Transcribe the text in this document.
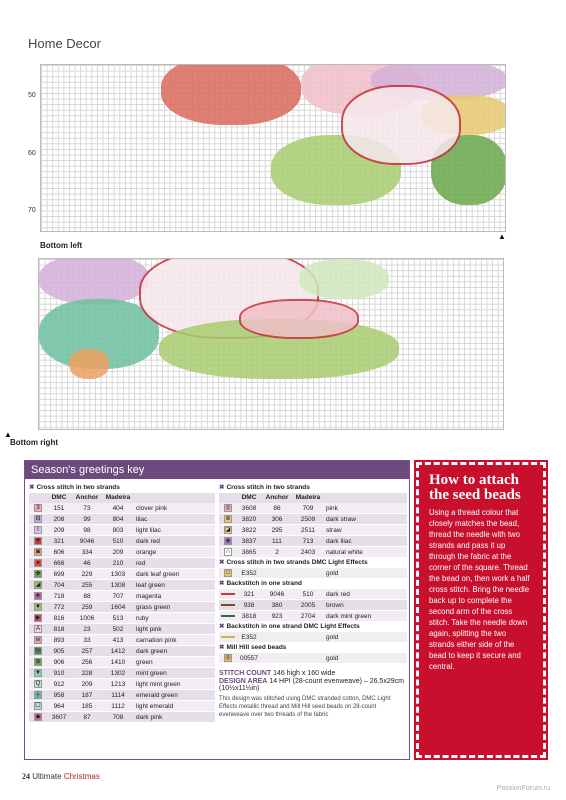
Home Decor
50
60
70
▲
Bottom left
▲
Bottom right
Season's greetings key
✖ Cross stitch in two strands
DMC	Anchor	Madeira
3	151	73	404	clover pink
⊟	208	99	804	lilac
I	209	98	803	light lilac
♥	321	9046	510	dark red
◙	606	334	209	orange
●	666	46	210	red
✤	699	229	1303	dark leaf green
◢	704	255	1308	leaf green
★	718	88	707	magenta
▼	772	259	1604	grass green
▶	816	1006	513	ruby
A	818	23	502	light pink
w	893	33	413	carnation pink
¼	905	257	1412	dark green
⊛	906	256	1410	green
▼	910	228	1302	mint green
Q	912	209	1213	light mint green
┼	958	187	1114	emerald green
☐	964	185	1112	light emerald
◆	3607	87	708	dark pink
✖ Cross stitch in two strands
DMC	Anchor	Madeira
◎	3608	86	709	pink
⊕	3820	306	2509	dark straw
◪	3822	295	2511	straw
◈	3837	111	713	dark lilac
∩	3865	2	2403	natural white
✖ Cross stitch in two strands DMC Light Effects
□	E352	gold
✖ Backstitch in one strand
321	9046	510	dark red
938	380	2005	brown
3818	923	2704	dark mint green
✖ Backstitch in one strand DMC Light Effects
E352	gold
✖ Mill Hill seed beads
◎	00557	gold
STITCH COUNT 146 high x 160 wide
DESIGN AREA 14 HPI (28-count evenweave) – 26.5x29cm (10½x11½in)
This design was stitched using DMC stranded cotton, DMC Light Effects metallic thread and Mill Hill seed beads on 28-count evenweave over two threads of the fabric
How to attach the seed beads

Using a thread colour that closely matches the bead, thread the needle with two strands and pass it up through the fabric at the corner of the square. Thread the bead on, then work a half cross stitch. Bring the needle back up to complete the second arm of the cross stitch. Take the needle down again, splitting the two strands either side of the bead to keep it secure and central.

24 Ultimate Christmas
PassionForum.ru
